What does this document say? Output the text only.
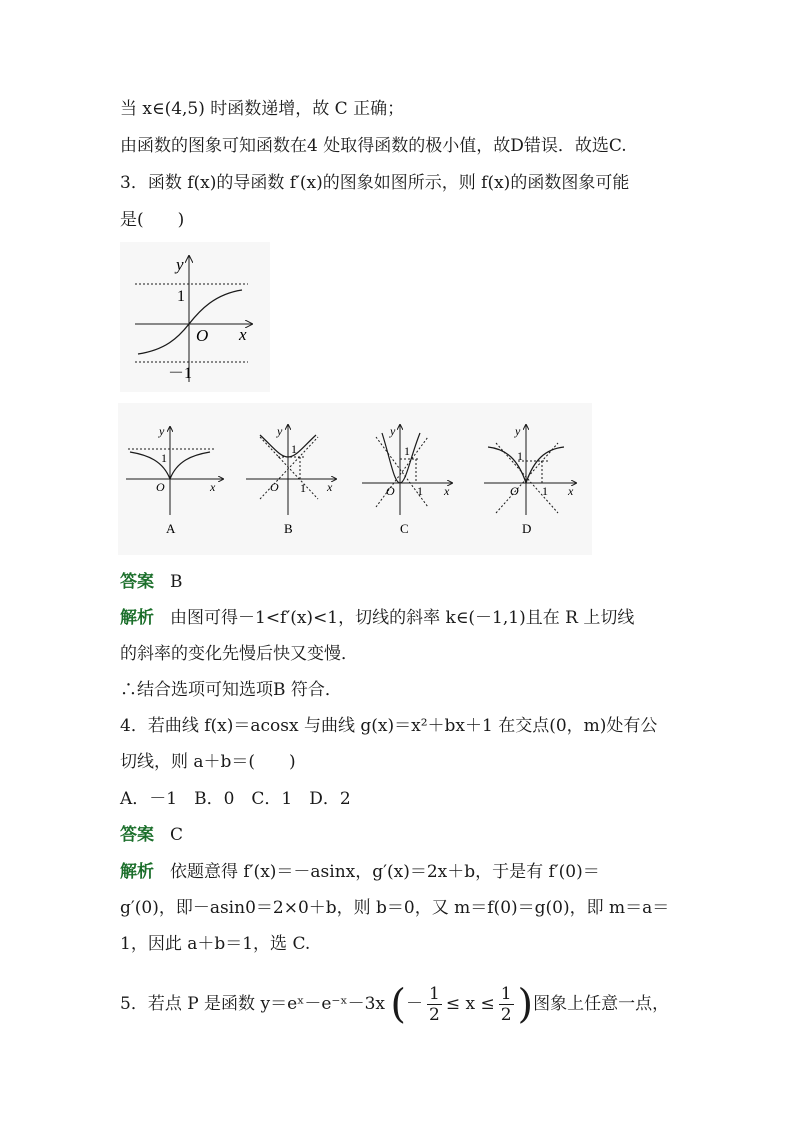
当 x∈(4,5) 时函数递增，故 C 正确；
由函数的图象可知函数在4 处取得函数的极小值，故D错误．故选C.
3．函数 f(x)的导函数 f′(x)的图象如图所示，则 f(x)的函数图象可能
是(　　)
y
x
O
1
－1
y
x
O
1
A
y
x
O
1
1
B
y
x
O
1
1
C
y
x
O
1
1
D
答案 B
解析 由图可得－1<f′(x)<1，切线的斜率 k∈(－1,1)且在 R 上切线
的斜率的变化先慢后快又变慢．
∴结合选项可知选项B 符合．
4．若曲线 f(x)＝acosx 与曲线 g(x)＝x²＋bx＋1 在交点(0，m)处有公
切线，则 a＋b＝(　　)
A．－1　B．0　C．1　D．2
答案 C
解析 依题意得 f′(x)＝－asinx，g′(x)＝2x＋b，于是有 f′(0)＝
g′(0)，即－asin0＝2×0＋b，则 b＝0，又 m＝f(0)＝g(0)，即 m＝a＝
1，因此 a＋b＝1，选 C.
5．若点 P 是函数 y＝eˣ－e⁻ˣ－3x (－ $\frac{1}{2} \le x \le \frac{1}{2}$ )图象上任意一点，
